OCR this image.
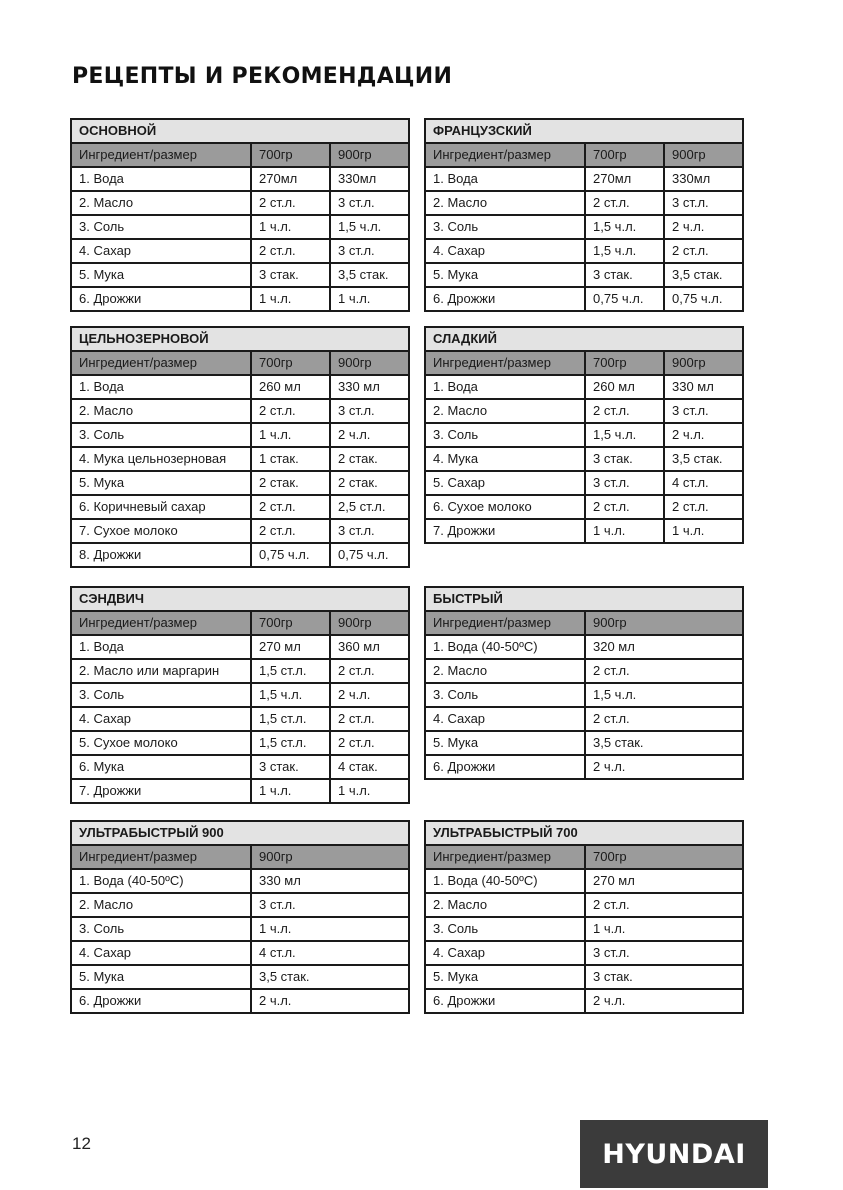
РЕЦЕПТЫ И РЕКОМЕНДАЦИИ
ОСНОВНОЙ		
Ингредиент/размер	700гр	900гр
1. Вода	270мл	330мл
2. Масло	2 ст.л.	3 ст.л.
3. Соль	1 ч.л.	1,5 ч.л.
4. Сахар	2 ст.л.	3 ст.л.
5. Мука	3 стак.	3,5 стак.
6. Дрожжи	1 ч.л.	1 ч.л.
ФРАНЦУЗСКИЙ		
Ингредиент/размер	700гр	900гр
1. Вода	270мл	330мл
2. Масло	2 ст.л.	3 ст.л.
3. Соль	1,5 ч.л.	2 ч.л.
4. Сахар	1,5 ч.л.	2 ст.л.
5. Мука	3 стак.	3,5 стак.
6. Дрожжи	0,75 ч.л.	0,75 ч.л.
ЦЕЛЬНОЗЕРНОВОЙ		
Ингредиент/размер	700гр	900гр
1. Вода	260 мл	330 мл
2. Масло	2 ст.л.	3 ст.л.
3. Соль	1 ч.л.	2 ч.л.
4. Мука цельнозерновая	1 стак.	2 стак.
5. Мука	2 стак.	2 стак.
6. Коричневый сахар	2 ст.л.	2,5 ст.л.
7. Сухое молоко	2 ст.л.	3 ст.л.
8. Дрожжи	0,75 ч.л.	0,75 ч.л.
СЛАДКИЙ		
Ингредиент/размер	700гр	900гр
1. Вода	260 мл	330 мл
2. Масло	2 ст.л.	3 ст.л.
3. Соль	1,5 ч.л.	2 ч.л.
4. Мука	3 стак.	3,5 стак.
5. Сахар	3 ст.л.	4 ст.л.
6. Сухое молоко	2 ст.л.	2 ст.л.
7. Дрожжи	1 ч.л.	1 ч.л.
СЭНДВИЧ		
Ингредиент/размер	700гр	900гр
1. Вода	270 мл	360 мл
2. Масло или маргарин	1,5 ст.л.	2 ст.л.
3. Соль	1,5 ч.л.	2 ч.л.
4. Сахар	1,5 ст.л.	2 ст.л.
5. Сухое молоко	1,5 ст.л.	2 ст.л.
6. Мука	3 стак.	4 стак.
7. Дрожжи	1 ч.л.	1 ч.л.
БЫСТРЫЙ	
Ингредиент/размер	900гр
1. Вода (40-50ºC)	320 мл
2. Масло	2 ст.л.
3. Соль	1,5 ч.л.
4. Сахар	2 ст.л.
5. Мука	3,5 стак.
6. Дрожжи	2 ч.л.
УЛЬТРАБЫСТРЫЙ 900	
Ингредиент/размер	900гр
1. Вода (40-50ºC)	330 мл
2. Масло	3 ст.л.
3. Соль	1 ч.л.
4. Сахар	4 ст.л.
5. Мука	3,5 стак.
6. Дрожжи	2 ч.л.
УЛЬТРАБЫСТРЫЙ 700	
Ингредиент/размер	700гр
1. Вода (40-50ºC)	270 мл
2. Масло	2 ст.л.
3. Соль	1 ч.л.
4. Сахар	3 ст.л.
5. Мука	3 стак.
6. Дрожжи	2 ч.л.
12	HYUNDAI
